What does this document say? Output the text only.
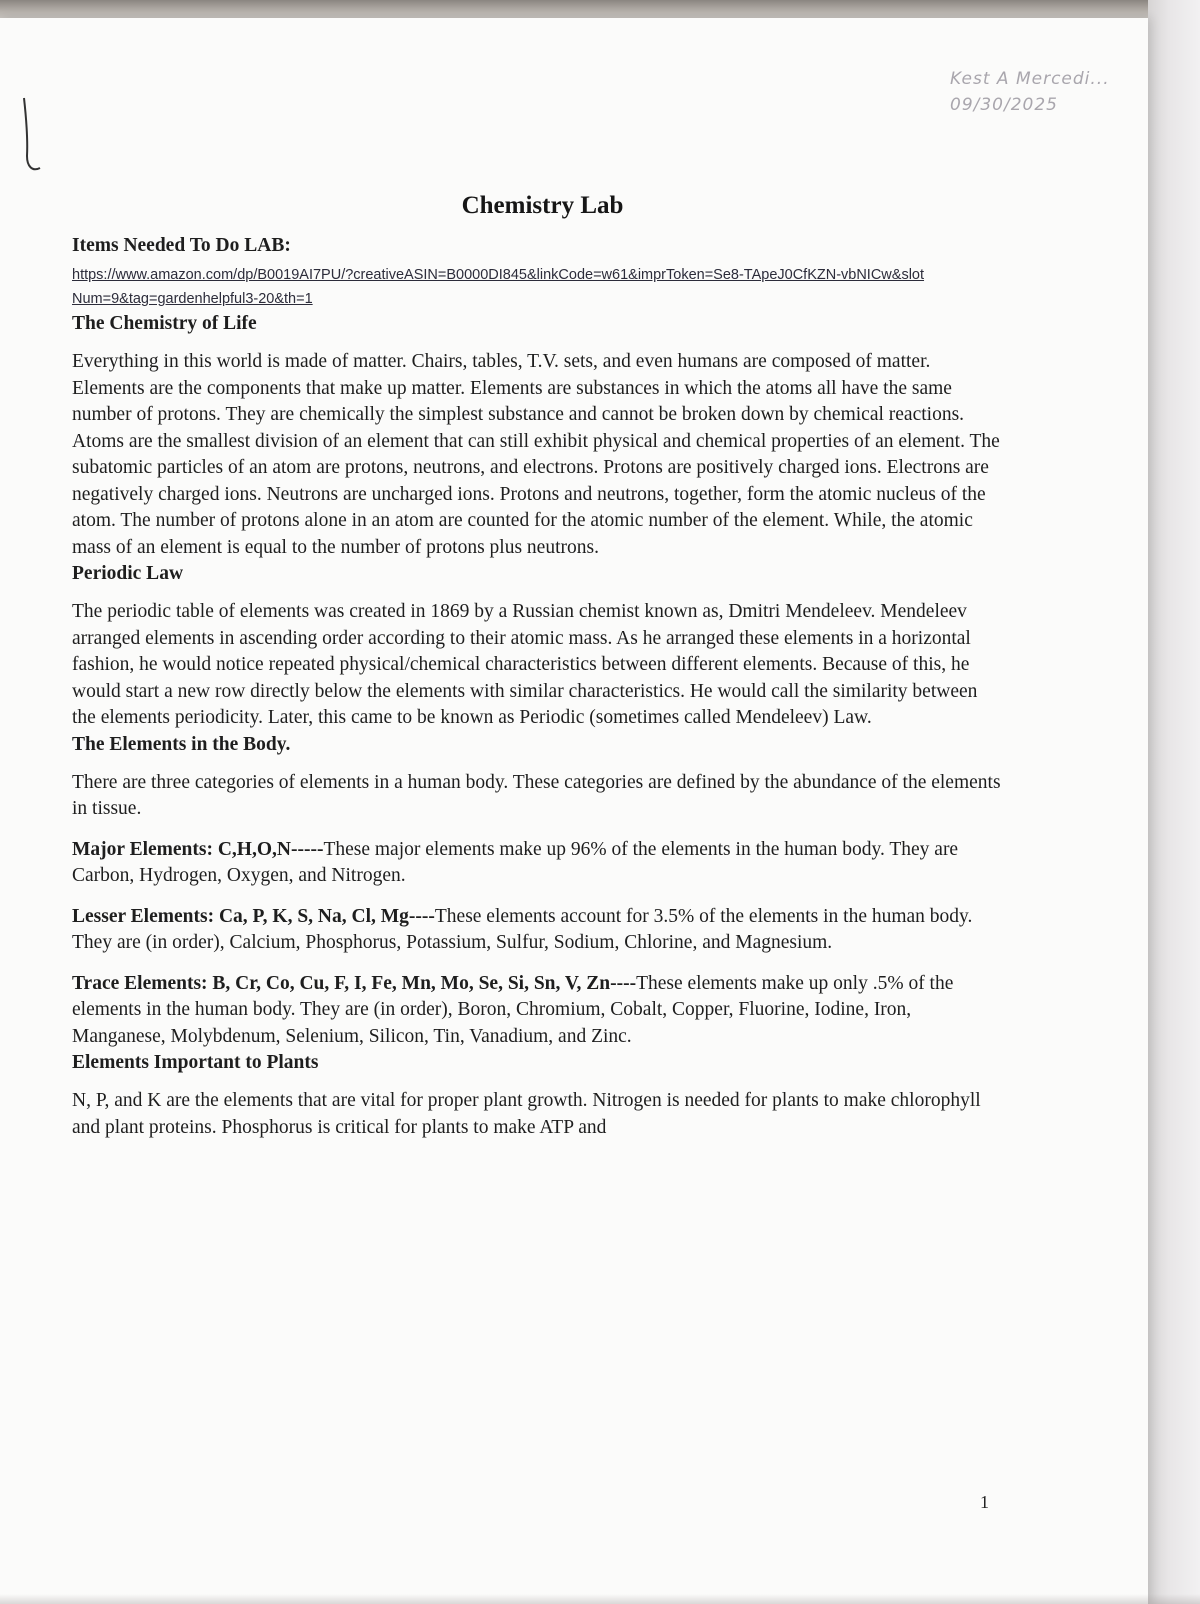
Kest A Mercedi...
09/30/2025
Chemistry Lab
Items Needed To Do LAB:

https://www.amazon.com/dp/B0019AI7PU/?creativeASIN=B0000DI845&linkCode=w61&imprToken=Se8-TApeJ0CfKZN-vbNICw&slotNum=9&tag=gardenhelpful3-20&th=1

The Chemistry of Life

Everything in this world is made of matter. Chairs, tables, T.V. sets, and even humans are composed of matter. Elements are the components that make up matter. Elements are substances in which the atoms all have the same number of protons. They are chemically the simplest substance and cannot be broken down by chemical reactions. Atoms are the smallest division of an element that can still exhibit physical and chemical properties of an element. The subatomic particles of an atom are protons, neutrons, and electrons. Protons are positively charged ions. Electrons are negatively charged ions. Neutrons are uncharged ions. Protons and neutrons, together, form the atomic nucleus of the atom. The number of protons alone in an atom are counted for the atomic number of the element. While, the atomic mass of an element is equal to the number of protons plus neutrons.

Periodic Law

The periodic table of elements was created in 1869 by a Russian chemist known as, Dmitri Mendeleev. Mendeleev arranged elements in ascending order according to their atomic mass. As he arranged these elements in a horizontal fashion, he would notice repeated physical/chemical characteristics between different elements. Because of this, he would start a new row directly below the elements with similar characteristics. He would call the similarity between the elements periodicity. Later, this came to be known as Periodic (sometimes called Mendeleev) Law.

The Elements in the Body.

There are three categories of elements in a human body. These categories are defined by the abundance of the elements in tissue.

Major Elements: C,H,O,N-----These major elements make up 96% of the elements in the human body. They are Carbon, Hydrogen, Oxygen, and Nitrogen.

Lesser Elements: Ca, P, K, S, Na, Cl, Mg----These elements account for 3.5% of the elements in the human body. They are (in order), Calcium, Phosphorus, Potassium, Sulfur, Sodium, Chlorine, and Magnesium.

Trace Elements: B, Cr, Co, Cu, F, I, Fe, Mn, Mo, Se, Si, Sn, V, Zn----These elements make up only .5% of the elements in the human body. They are (in order), Boron, Chromium, Cobalt, Copper, Fluorine, Iodine, Iron, Manganese, Molybdenum, Selenium, Silicon, Tin, Vanadium, and Zinc.

Elements Important to Plants

N, P, and K are the elements that are vital for proper plant growth. Nitrogen is needed for plants to make chlorophyll and plant proteins. Phosphorus is critical for plants to make ATP and

1
